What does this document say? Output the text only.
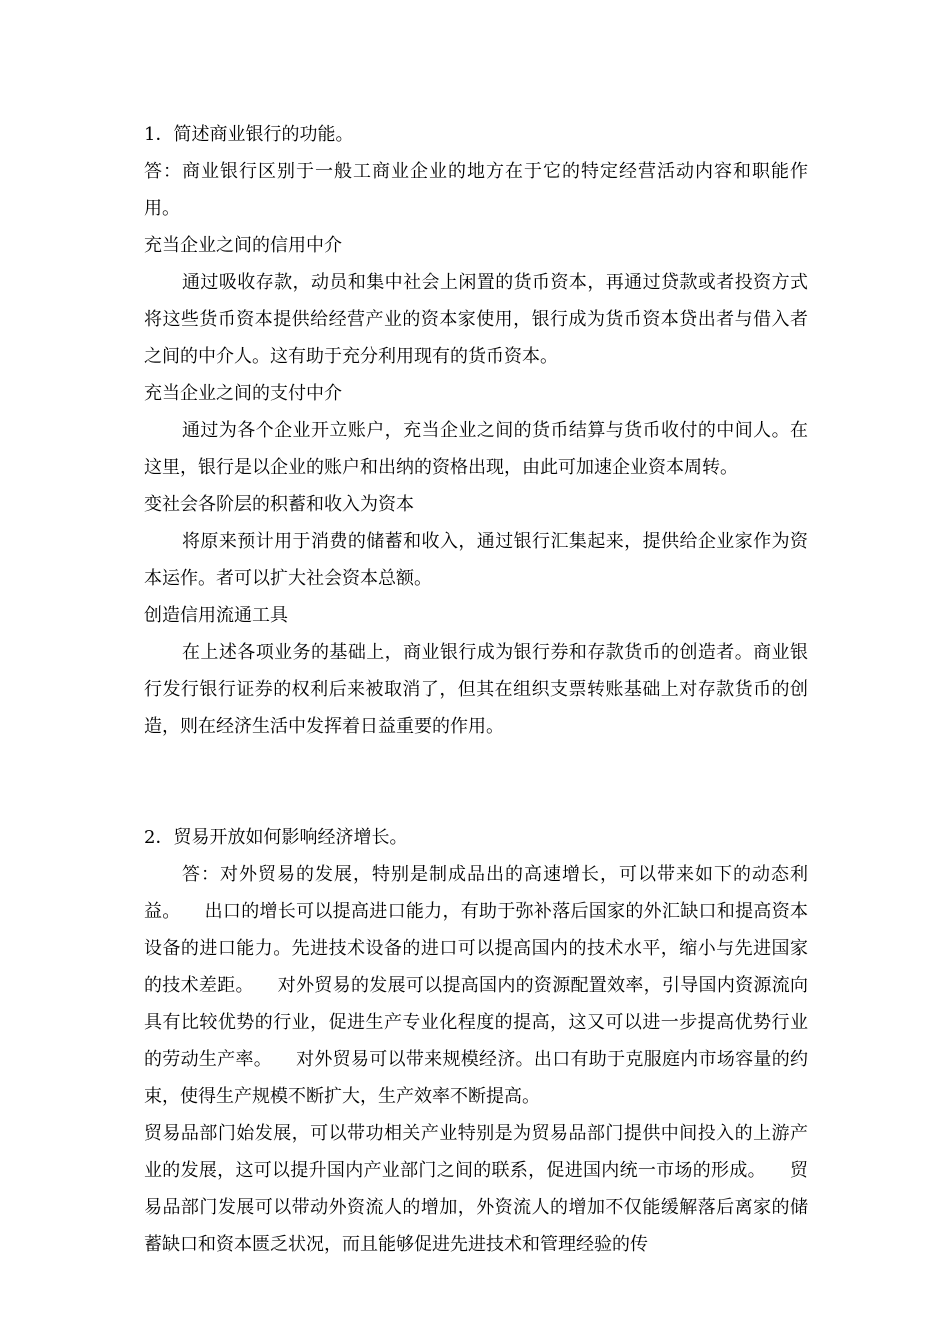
1．简述商业银行的功能。

答：商业银行区别于一般工商业企业的地方在于它的特定经营活动内容和职能作用。

充当企业之间的信用中介

通过吸收存款，动员和集中社会上闲置的货币资本，再通过贷款或者投资方式将这些货币资本提供给经营产业的资本家使用，银行成为货币资本贷出者与借入者之间的中介人。这有助于充分利用现有的货币资本。

充当企业之间的支付中介

通过为各个企业开立账户，充当企业之间的货币结算与货币收付的中间人。在这里，银行是以企业的账户和出纳的资格出现，由此可加速企业资本周转。

变社会各阶层的积蓄和收入为资本

将原来预计用于消费的储蓄和收入，通过银行汇集起来，提供给企业家作为资本运作。者可以扩大社会资本总额。

创造信用流通工具

在上述各项业务的基础上，商业银行成为银行券和存款货币的创造者。商业银行发行银行证券的权利后来被取消了，但其在组织支票转账基础上对存款货币的创造，则在经济生活中发挥着日益重要的作用。

2．贸易开放如何影响经济增长。

答：对外贸易的发展，特别是制成品出的高速增长，可以带来如下的动态利益。    出口的增长可以提高进口能力，有助于弥补落后国家的外汇缺口和提高资本设备的进口能力。先进技术设备的进口可以提高国内的技术水平，缩小与先进国家的技术差距。    对外贸易的发展可以提高国内的资源配置效率，引导国内资源流向具有比较优势的行业，促进生产专业化程度的提高，这又可以进一步提高优势行业的劳动生产率。    对外贸易可以带来规模经济。出口有助于克服庭内市场容量的约束，使得生产规模不断扩大，生产效率不断提高。

贸易品部门始发展，可以带功相关产业特别是为贸易品部门提供中间投入的上游产业的发展，这可以提升国内产业部门之间的联系，促进国内统一市场的形成。    贸易品部门发展可以带动外资流人的增加，外资流人的增加不仅能缓解落后离家的储蓄缺口和资本匮乏状况，而且能够促进先进技术和管理经验的传
